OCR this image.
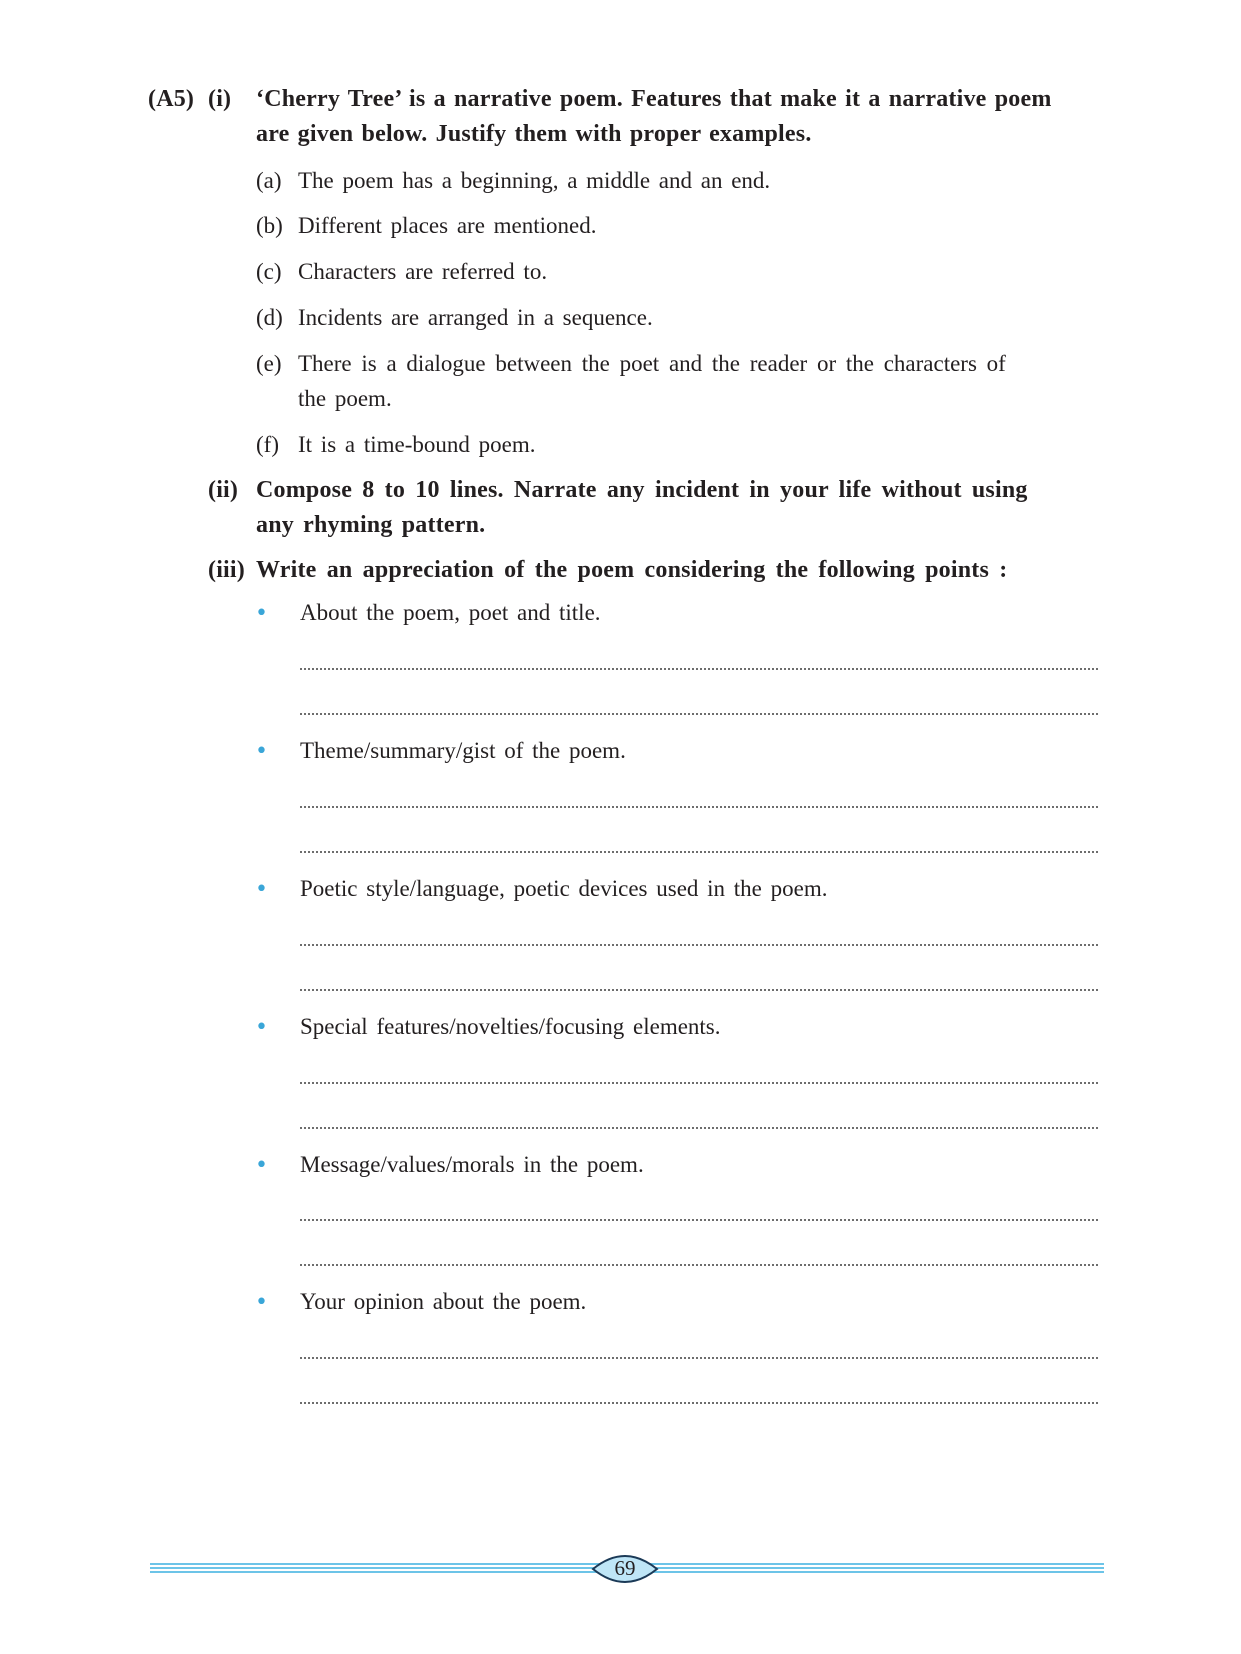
(A5) (i) ‘Cherry Tree’ is a narrative poem. Features that make it a narrative poem
are given below. Justify them with proper examples.
(a) The poem has a beginning, a middle and an end.
(b) Different places are mentioned.
(c) Characters are referred to.
(d) Incidents are arranged in a sequence.
(e) There is a dialogue between the poet and the reader or the characters of
the poem.
(f) It is a time-bound poem.
(ii) Compose 8 to 10 lines. Narrate any incident in your life without using
any rhyming pattern.
(iii) Write an appreciation of the poem considering the following points :
• About the poem, poet and title.
• Theme/summary/gist of the poem.
• Poetic style/language, poetic devices used in the poem.
• Special features/novelties/focusing elements.
• Message/values/morals in the poem.
• Your opinion about the poem.
69
